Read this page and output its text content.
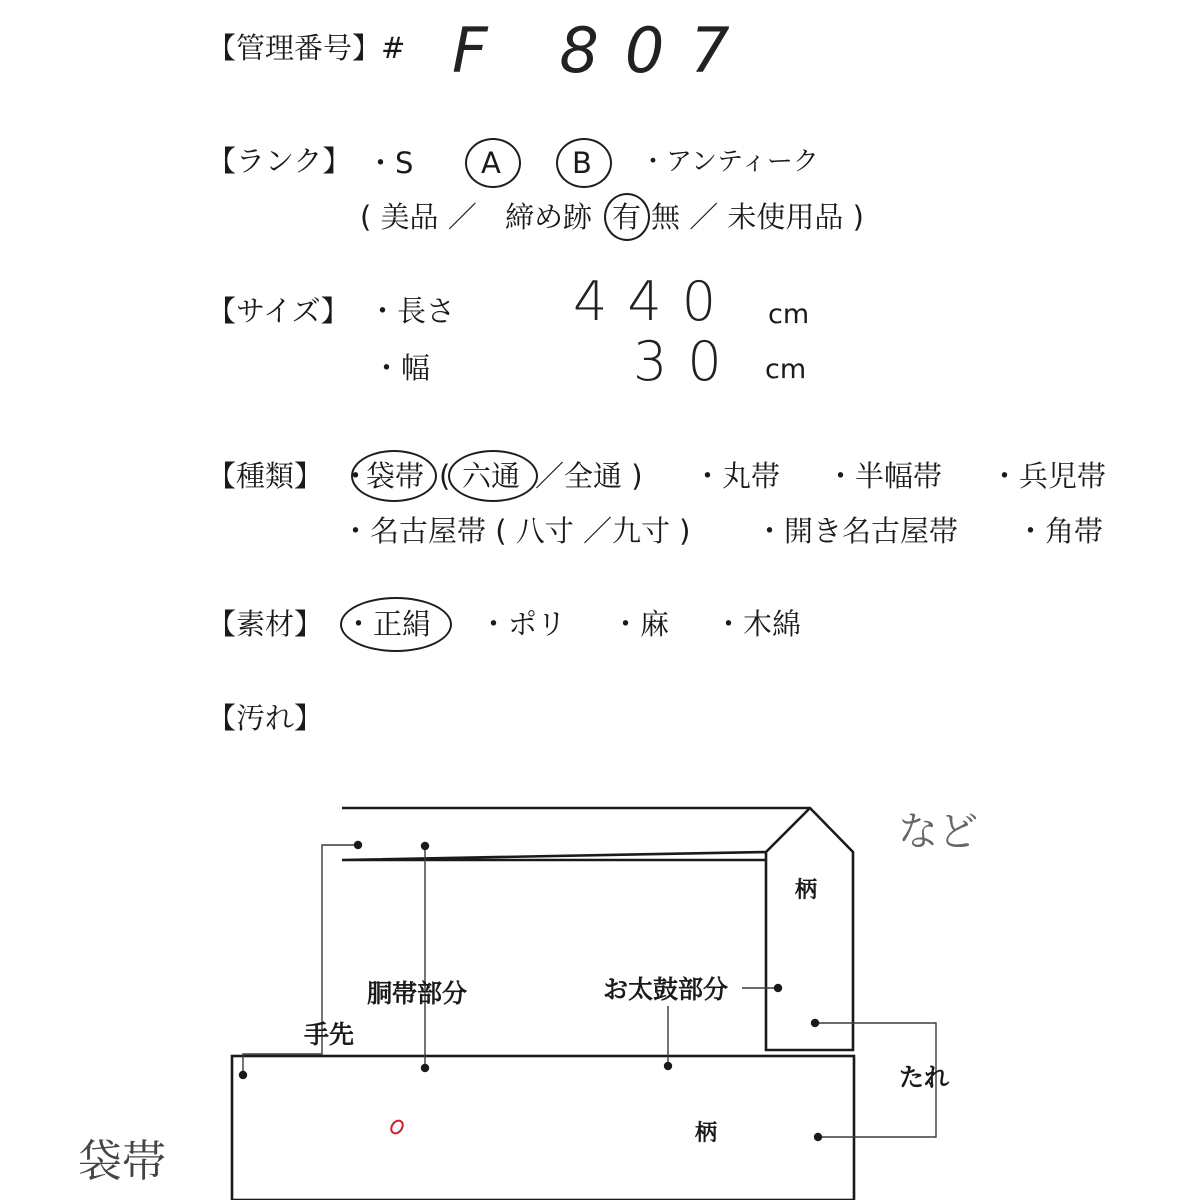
【管理番号】# F 807
【ランク】 ・S A B ・アンティーク
( 美品 ／ 締め跡 有 無 ／ 未使用品 )
【サイズ】 ・長さ 440 cm
・幅	30 cm
【種類】 ・
袋帯 ( 六通 ／全通 ) ・丸帯 ・半幅帯 ・兵児帯
・名古屋帯 ( 八寸 ／九寸 ) ・開き名古屋帯 ・角帯
【素材】 ・正絹 ・ポリ ・麻 ・木綿
【汚れ】
など
柄
胴帯部分	お太鼓部分
手先
たれ
柄
袋帯
